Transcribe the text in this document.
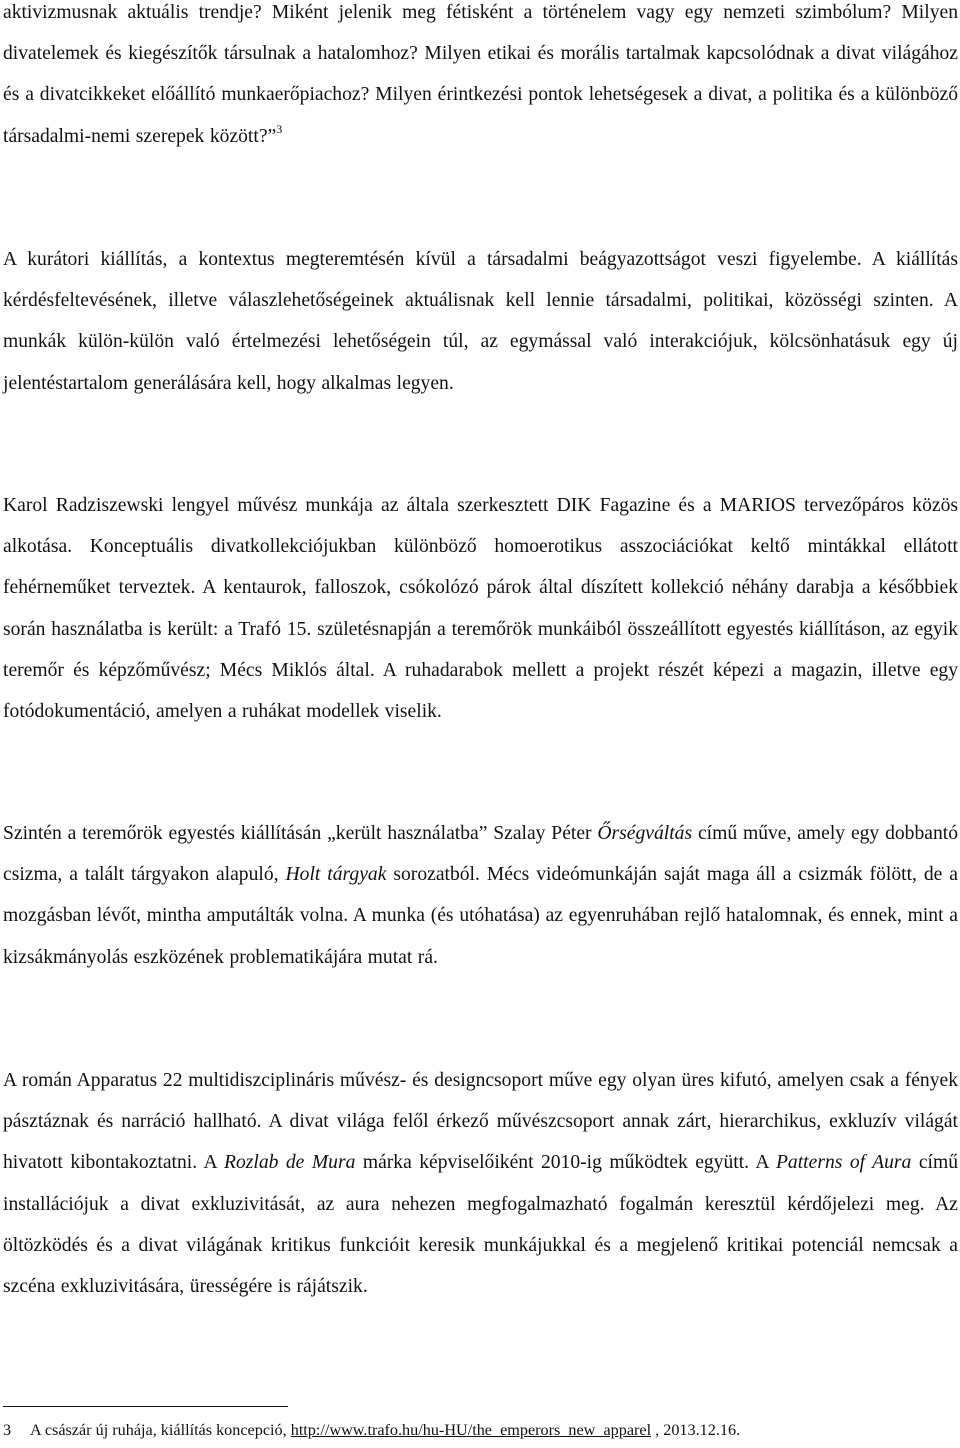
aktivizmusnak aktuális trendje? Miként jelenik meg fétisként a történelem vagy egy nemzeti szimbólum? Milyen divatelemek és kiegészítők társulnak a hatalomhoz? Milyen etikai és morális tartalmak kapcsolódnak a divat világához és a divatcikkeket előállító munkaerőpiachoz? Milyen érintkezési pontok lehetségesek a divat, a politika és a különböző társadalmi-nemi szerepek között?”$^3$

A kurátori kiállítás, a kontextus megteremtésén kívül a társadalmi beágyazottságot veszi figyelembe. A kiállítás kérdésfeltevésének, illetve válaszlehetőségeinek aktuálisnak kell lennie társadalmi, politikai, közösségi szinten. A munkák külön-külön való értelmezési lehetőségein túl, az egymással való interakciójuk, kölcsönhatásuk egy új jelentéstartalom generálására kell, hogy alkalmas legyen.

Karol Radziszewski lengyel művész munkája az általa szerkesztett DIK Fagazine és a MARIOS tervezőpáros közös alkotása. Konceptuális divatkollekciójukban különböző homoerotikus asszociációkat keltő mintákkal ellátott fehérneműket terveztek. A kentaurok, falloszok, csókolózó párok által díszített kollekció néhány darabja a későbbiek során használatba is került: a Trafó 15. születésnapján a teremőrök munkáiból összeállított egyestés kiállításon, az egyik teremőr és képzőművész; Mécs Miklós által. A ruhadarabok mellett a projekt részét képezi a magazin, illetve egy fotódokumentáció, amelyen a ruhákat modellek viselik.

Szintén a teremőrök egyestés kiállításán „került használatba” Szalay Péter Őrségváltás című műve, amely egy dobbantó csizma, a talált tárgyakon alapuló, Holt tárgyak sorozatból. Mécs videómunkáján saját maga áll a csizmák fölött, de a mozgásban lévőt, mintha amputálták volna. A munka (és utóhatása) az egyenruhában rejlő hatalomnak, és ennek, mint a kizsákmányolás eszközének problematikájára mutat rá.

A román Apparatus 22 multidiszciplináris művész- és designcsoport műve egy olyan üres kifutó, amelyen csak a fények pásztáznak és narráció hallható. A divat világa felől érkező művészcsoport annak zárt, hierarchikus, exkluzív világát hivatott kibontakoztatni. A Rozlab de Mura márka képviselőiként 2010-ig működtek együtt. A Patterns of Aura című installációjuk a divat exkluzivitását, az aura nehezen megfogalmazható fogalmán keresztül kérdőjelezi meg. Az öltözködés és a divat világának kritikus funkcióit keresik munkájukkal és a megjelenő kritikai potenciál nemcsak a szcéna exkluzivitására, ürességére is rájátszik.

3 A császár új ruhája, kiállítás koncepció, http://www.trafo.hu/hu-HU/the_emperors_new_apparel , 2013.12.16.
